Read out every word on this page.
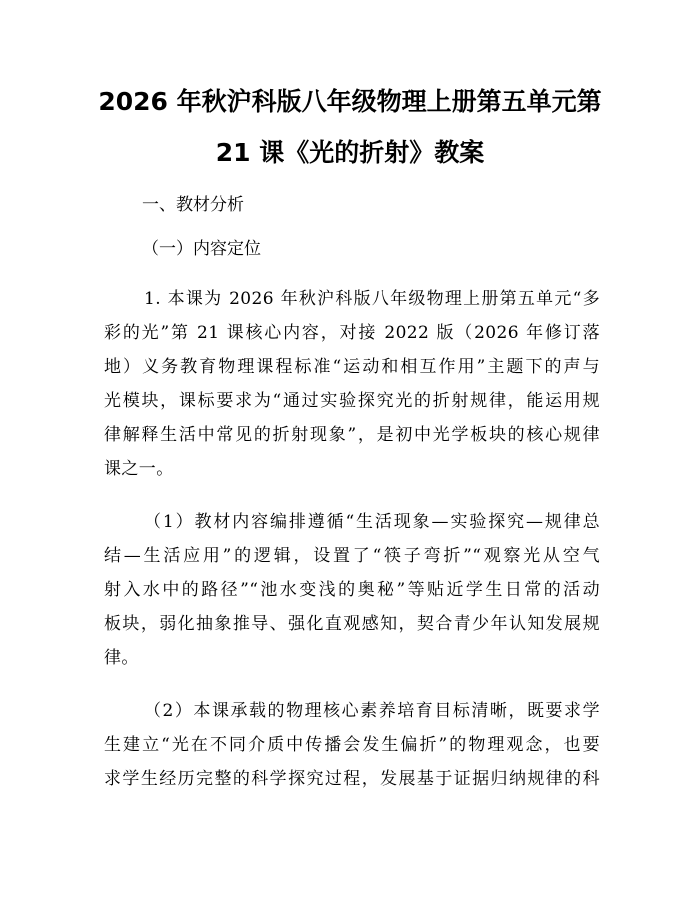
2026 年秋沪科版八年级物理上册第五单元第
21 课《光的折射》教案

一、教材分析

（一）内容定位

1. 本课为 2026 年秋沪科版八年级物理上册第五单元“多
彩的光”第 21 课核心内容，对接 2022 版（2026 年修订落
地）义务教育物理课程标准“运动和相互作用”主题下的声与
光模块，课标要求为“通过实验探究光的折射规律，能运用规
律解释生活中常见的折射现象”，是初中光学板块的核心规律
课之一。
（1）教材内容编排遵循“生活现象—实验探究—规律总
结—生活应用”的逻辑，设置了“筷子弯折”“观察光从空气
射入水中的路径”“池水变浅的奥秘”等贴近学生日常的活动
板块，弱化抽象推导、强化直观感知，契合青少年认知发展规
律。
（2）本课承载的物理核心素养培育目标清晰，既要求学
生建立“光在不同介质中传播会发生偏折”的物理观念，也要
求学生经历完整的科学探究过程，发展基于证据归纳规律的科
